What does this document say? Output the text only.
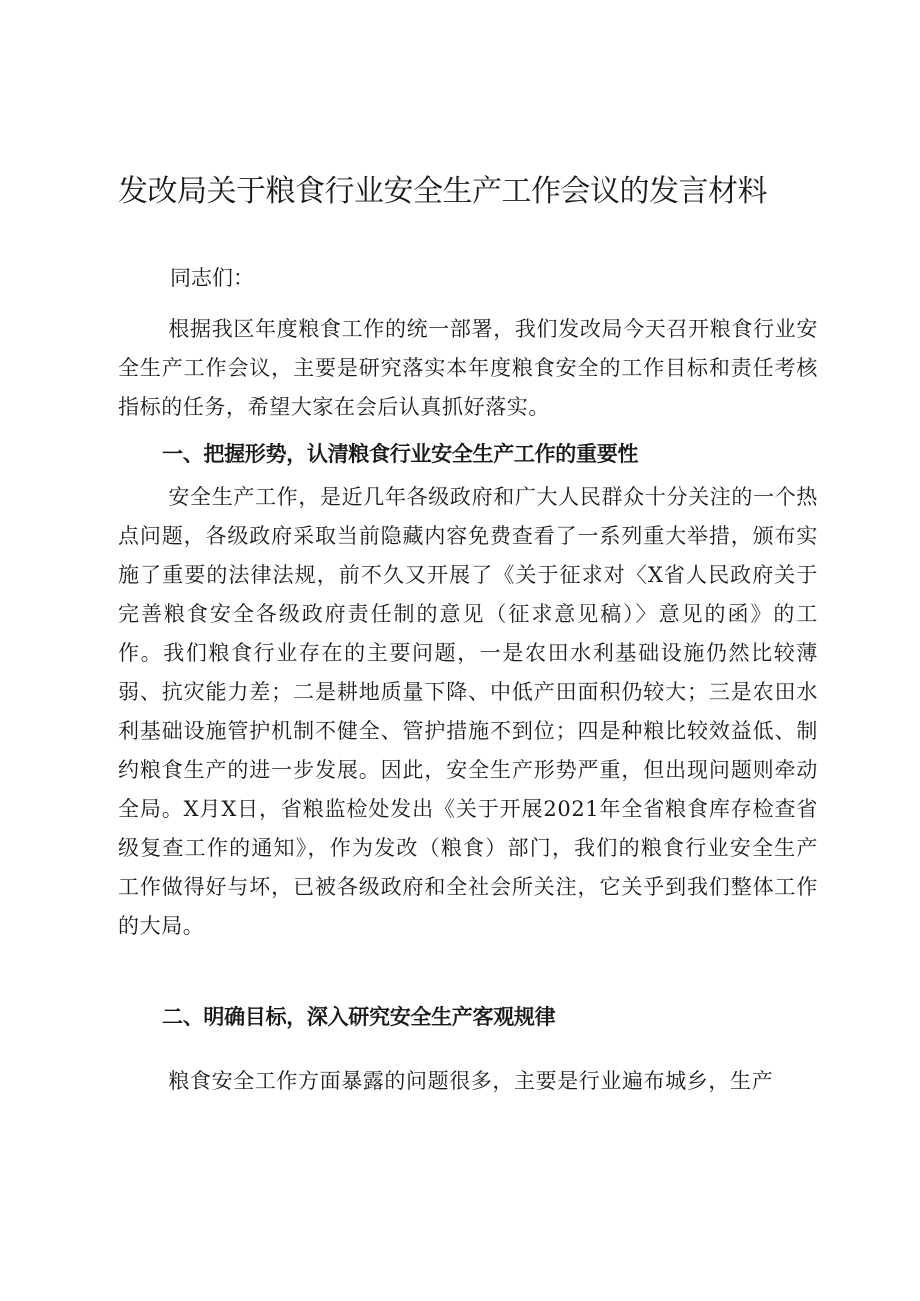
发改局关于粮食行业安全生产工作会议的发言材料

同志们：

根据我区年度粮食工作的统一部署，我们发改局今天召开粮食行业安全生产工作会议，主要是研究落实本年度粮食安全的工作目标和责任考核指标的任务，希望大家在会后认真抓好落实。

一、把握形势，认清粮食行业安全生产工作的重要性

安全生产工作，是近几年各级政府和广大人民群众十分关注的一个热点问题，各级政府采取当前隐藏内容免费查看了一系列重大举措，颁布实施了重要的法律法规，前不久又开展了《关于征求对〈X省人民政府关于完善粮食安全各级政府责任制的意见（征求意见稿）〉意见的函》的工作。我们粮食行业存在的主要问题，一是农田水利基础设施仍然比较薄弱、抗灾能力差；二是耕地质量下降、中低产田面积仍较大；三是农田水利基础设施管护机制不健全、管护措施不到位；四是种粮比较效益低、制约粮食生产的进一步发展。因此，安全生产形势严重，但出现问题则牵动全局。X月X日，省粮监检处发出《关于开展2021年全省粮食库存检查省级复查工作的通知》，作为发改（粮食）部门，我们的粮食行业安全生产工作做得好与坏，已被各级政府和全社会所关注，它关乎到我们整体工作的大局。

二、明确目标，深入研究安全生产客观规律

粮食安全工作方面暴露的问题很多，主要是行业遍布城乡，生产
